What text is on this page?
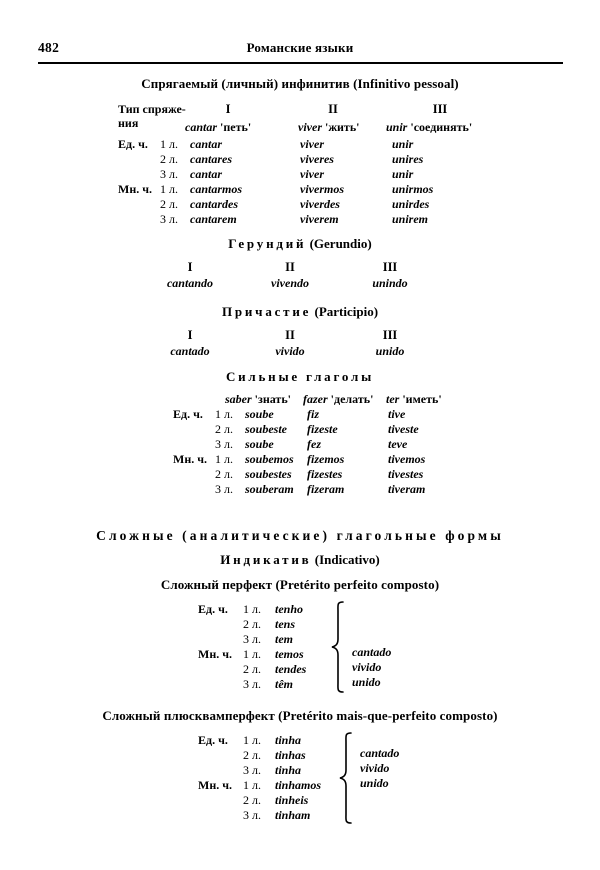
482	Романские языки
Спрягаемый (личный) инфинитив (Infinitivo pessoal)
Тип спряже-
ния
I	II	III
cantar 'петь'	viver 'жить' unir 'соединять'
Ед. ч.
Мн. ч.
1 л. cantar	viver	unir
2 л. cantares	viveres	unires
3 л. cantar	viver	unir
1 л. cantarmos	vivermos	unirmos
2 л. cantardes	viverdes	unirdes
3 л. cantarem	viverem	unirem
Герундий (Gerundio)
I	II	III
cantando	vivendo	unindo
Причастие (Participio)
I	II	III
cantado	vivido	unido
Сильные глаголы
saber 'знать' fazer 'делать' ter 'иметь'
Ед. ч.
Мн. ч.
1 л. soube	fiz	tive
2 л. soubeste fizeste	tiveste
3 л. soube	fez	teve
1 л. soubemos fizemos	tivemos
2 л. soubestes fizestes	tivestes
3 л. souberam fizeram	tiveram
Сложные (аналитические) глагольные формы
Индикатив (Indicativo)
Сложный перфект (Pretérito perfeito composto)
Ед. ч.
Мн. ч.
1 л. tenho
2 л. tens
3 л. tem
1 л. temos
2 л. tendes
3 л. têm
cantado
vivido
unido
Сложный плюсквамперфект (Pretérito mais-que-perfeito composto)
Ед. ч.
Мн. ч.
1 л. tinha
2 л. tinhas
3 л. tinha
1 л. tinhamos
2 л. tinheis
3 л. tinham
cantado
vivido
unido
